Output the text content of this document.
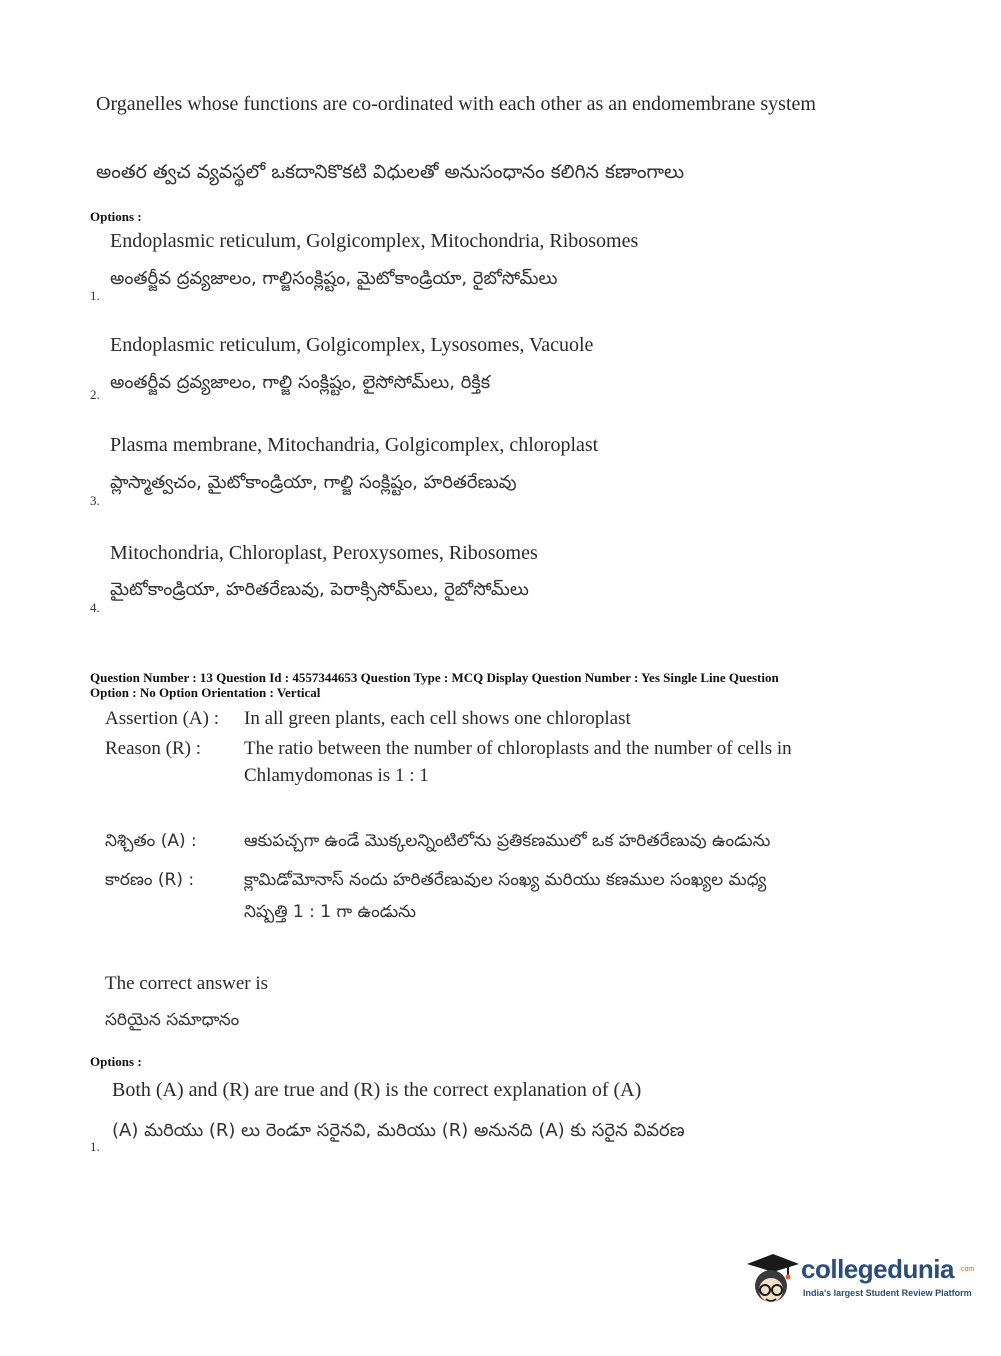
Organelles whose functions are co-ordinated with each other as an endomembrane system
అంతర త్వచ వ్యవస్థలో ఒకదానికొకటి విధులతో అనుసంధానం కలిగిన కణాంగాలు
Options :
Endoplasmic reticulum, Golgicomplex, Mitochondria, Ribosomes
అంతర్జీవ ద్రవ్యజాలం, గాల్జిసంక్లిష్టం, మైటోకాండ్రియా, రైబోసోమ్‌లు
1.
Endoplasmic reticulum, Golgicomplex, Lysosomes, Vacuole
అంతర్జీవ ద్రవ్యజాలం, గాల్జి సంక్లిష్టం, లైసోసోమ్‌లు, రిక్తిక
2.
Plasma membrane, Mitochandria, Golgicomplex, chloroplast
ప్లాస్మాత్వచం, మైటోకాండ్రియా, గాల్జి సంక్లిష్టం, హరితరేణువు
3.
Mitochondria, Chloroplast, Peroxysomes, Ribosomes
మైటోకాండ్రియా, హరితరేణువు, పెరాక్సిసోమ్‌లు, రైబోసోమ్‌లు
4.
Question Number : 13 Question Id : 4557344653 Question Type : MCQ Display Question Number : Yes Single Line Question
Option : No Option Orientation : Vertical
Assertion (A) : In all green plants, each cell shows one chloroplast
Reason (R) : The ratio between the number of chloroplasts and the number of cells in
Chlamydomonas is 1 : 1
నిశ్చితం (A) :	ఆకుపచ్చగా ఉండే మొక్కలన్నింటిలోను ప్రతికణములో ఒక హరితరేణువు ఉండును
కారణం (R) :	క్లామిడోమోనాస్ నందు హరితరేణువుల సంఖ్య మరియు కణముల సంఖ్యల మధ్య
నిష్పత్తి 1 : 1 గా ఉండును
The correct answer is
సరియైన సమాధానం
Options :
Both (A) and (R) are true and (R) is the correct explanation of (A)
(A) మరియు (R) లు రెండూ సరైనవి, మరియు (R) అనునది (A) కు సరైన వివరణ
1.
collegedunia .com
India's largest Student Review Platform
